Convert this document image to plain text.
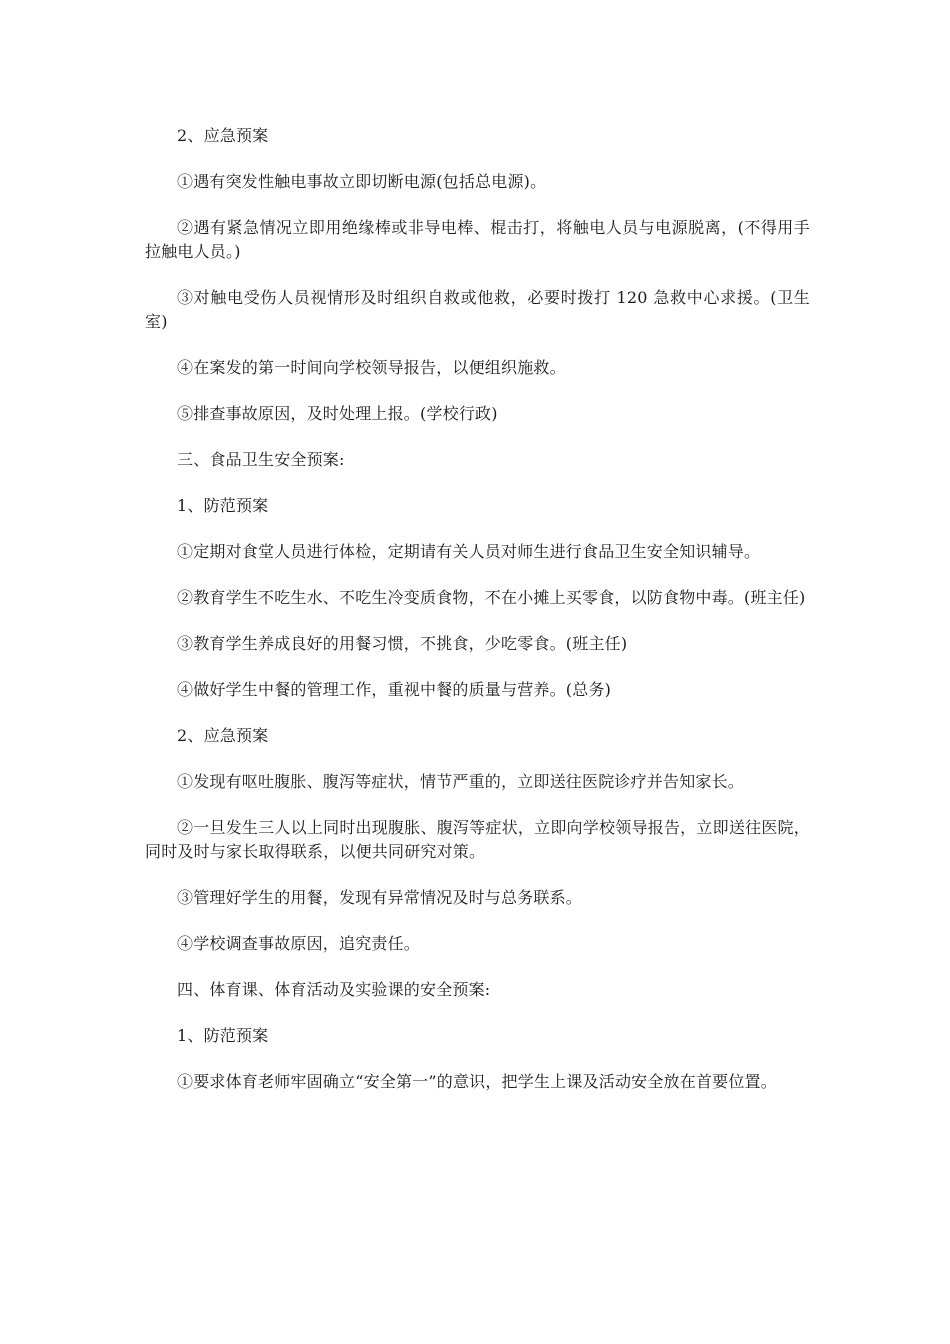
2、应急预案

①遇有突发性触电事故立即切断电源(包括总电源)。

②遇有紧急情况立即用绝缘棒或非导电棒、棍击打，将触电人员与电源脱离，(不得用手拉触电人员。)

③对触电受伤人员视情形及时组织自救或他救，必要时拨打 120 急救中心求援。(卫生室)

④在案发的第一时间向学校领导报告，以便组织施救。

⑤排查事故原因，及时处理上报。(学校行政)

三、食品卫生安全预案:

1、防范预案

①定期对食堂人员进行体检，定期请有关人员对师生进行食品卫生安全知识辅导。

②教育学生不吃生水、不吃生冷变质食物，不在小摊上买零食，以防食物中毒。(班主任)

③教育学生养成良好的用餐习惯，不挑食，少吃零食。(班主任)

④做好学生中餐的管理工作，重视中餐的质量与营养。(总务)

2、应急预案

①发现有呕吐腹胀、腹泻等症状，情节严重的，立即送往医院诊疗并告知家长。

②一旦发生三人以上同时出现腹胀、腹泻等症状，立即向学校领导报告，立即送往医院，同时及时与家长取得联系，以便共同研究对策。

③管理好学生的用餐，发现有异常情况及时与总务联系。

④学校调查事故原因，追究责任。

四、体育课、体育活动及实验课的安全预案:

1、防范预案

①要求体育老师牢固确立“安全第一”的意识，把学生上课及活动安全放在首要位置。
